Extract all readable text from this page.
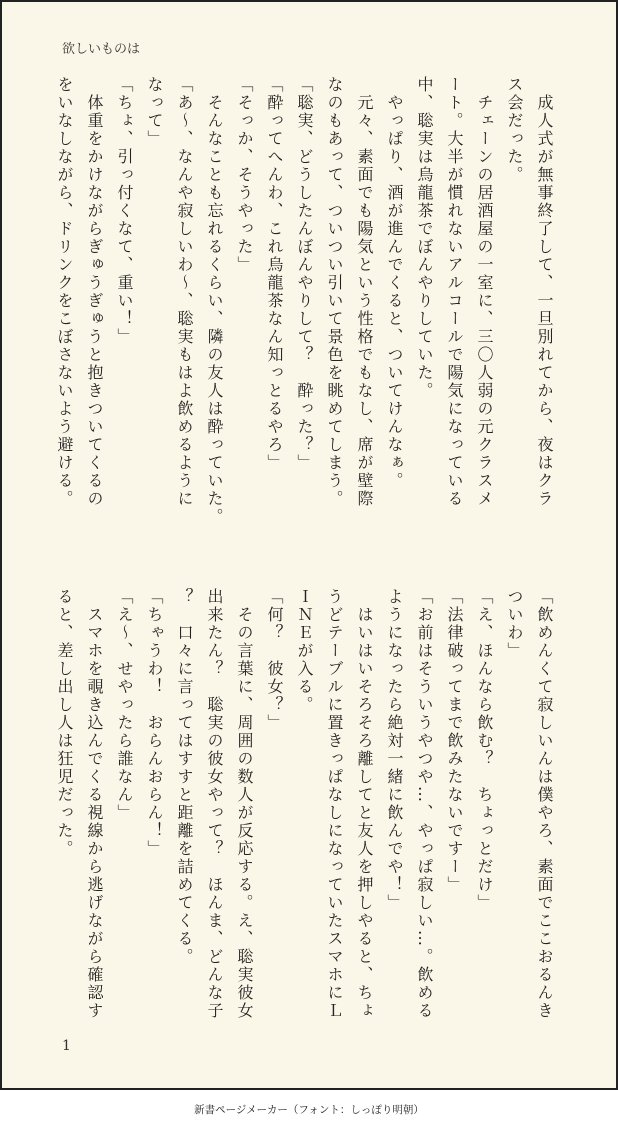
欲しいものは
　成人式が無事終了して、一旦別れてから、夜はクラ
ス会だった。
　チェーンの居酒屋の一室に、三〇人弱の元クラスメ
ート。大半が慣れないアルコールで陽気になっている
中、聡実は烏龍茶でぼんやりしていた。
　やっぱり、酒が進んでくると、ついてけんなぁ。
　元々、素面でも陽気という性格でもなし、席が壁際
なのもあって、ついつい引いて景色を眺めてしまう。
「聡実、どうしたんぼんやりして？　酔った？」
「酔ってへんわ、これ烏龍茶なん知っとるやろ」
「そっか、そうやった」
　そんなことも忘れるくらい、隣の友人は酔っていた。
「あ～、なんや寂しいわ～、聡実もはよ飲めるように
なって」
「ちょ、引っ付くなて、重い！」
　体重をかけながらぎゅうぎゅうと抱きついてくるの
をいなしながら、ドリンクをこぼさないよう避ける。
「飲めんくて寂しいんは僕やろ、素面でここおるんき
ついわ」
「え、ほんなら飲む？　ちょっとだけ」
「法律破ってまで飲みたないですー」
「お前はそういうやつや…、やっぱ寂しい…。飲める
ようになったら絶対一緒に飲んでや！」
　はいはいそろそろ離してと友人を押しやると、ちょ
うどテーブルに置きっぱなしになっていたスマホにＬ
ＩＮＥが入る。
「何？　彼女？」
　その言葉に、周囲の数人が反応する。え、聡実彼女
出来たん？　聡実の彼女やって？　ほんま、どんな子
？　口々に言ってはすすと距離を詰めてくる。
「ちゃうわ！　おらんおらん！」
「え～、せやったら誰なん」
　スマホを覗き込んでくる視線から逃げながら確認す
ると、差し出し人は狂児だった。
1
新書ページメーカー（フォント：しっぽり明朝）
